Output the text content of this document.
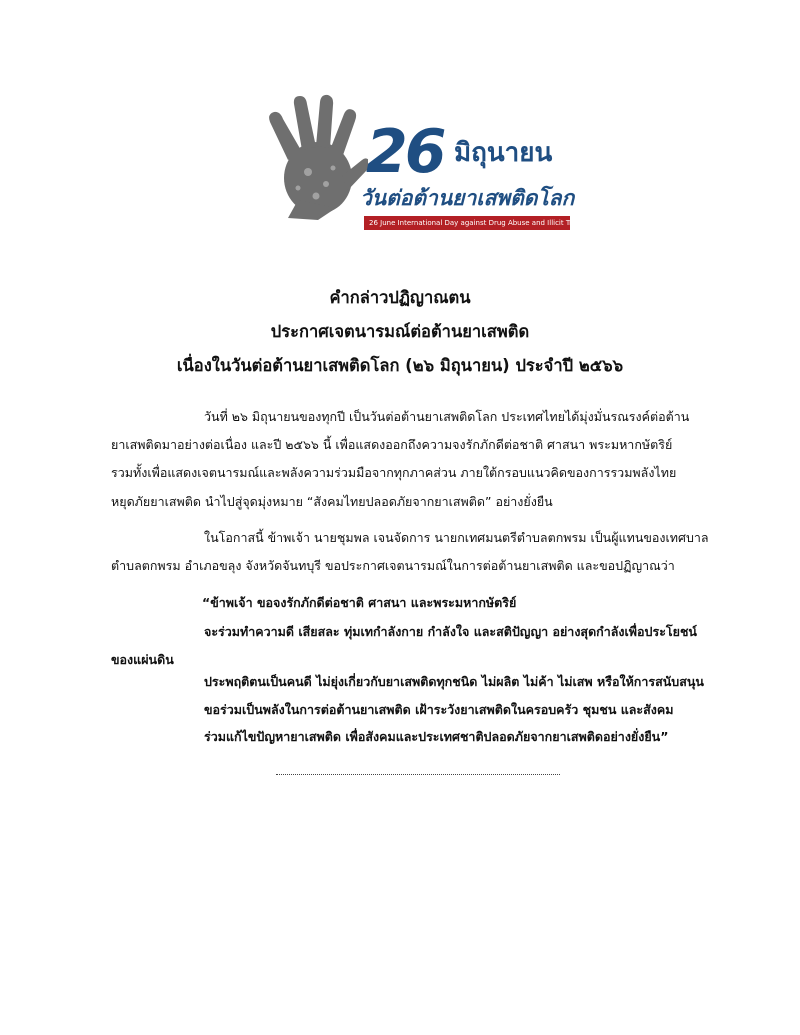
26 มิถุนายน
วันต่อต้านยาเสพติดโลก
26 June International Day against Drug Abuse and Illicit Trafficking
คำกล่าวปฏิญาณตน
ประกาศเจตนารมณ์ต่อต้านยาเสพติด
เนื่องในวันต่อต้านยาเสพติดโลก (๒๖ มิถุนายน) ประจำปี ๒๕๖๖
วันที่ ๒๖ มิถุนายนของทุกปี เป็นวันต่อต้านยาเสพติดโลก ประเทศไทยได้มุ่งมั่นรณรงค์ต่อต้าน
ยาเสพติดมาอย่างต่อเนื่อง และปี ๒๕๖๖ นี้ เพื่อแสดงออกถึงความจงรักภักดีต่อชาติ ศาสนา พระมหากษัตริย์
รวมทั้งเพื่อแสดงเจตนารมณ์และพลังความร่วมมือจากทุกภาคส่วน ภายใต้กรอบแนวคิดของการรวมพลังไทย
หยุดภัยยาเสพติด นำไปสู่จุดมุ่งหมาย “สังคมไทยปลอดภัยจากยาเสพติด” อย่างยั่งยืน
ในโอกาสนี้ ข้าพเจ้า นายชุมพล เจนจัดการ นายกเทศมนตรีตำบลตกพรม เป็นผู้แทนของเทศบาล
ตำบลตกพรม อำเภอขลุง จังหวัดจันทบุรี ขอประกาศเจตนารมณ์ในการต่อต้านยาเสพติด และขอปฏิญาณว่า
“ข้าพเจ้า ขอจงรักภักดีต่อชาติ ศาสนา และพระมหากษัตริย์
จะร่วมทำความดี เสียสละ ทุ่มเทกำลังกาย กำลังใจ และสติปัญญา อย่างสุดกำลังเพื่อประโยชน์
ของแผ่นดิน
ประพฤติตนเป็นคนดี ไม่ยุ่งเกี่ยวกับยาเสพติดทุกชนิด ไม่ผลิต ไม่ค้า ไม่เสพ หรือให้การสนับสนุน
ขอร่วมเป็นพลังในการต่อต้านยาเสพติด เฝ้าระวังยาเสพติดในครอบครัว ชุมชน และสังคม
ร่วมแก้ไขปัญหายาเสพติด เพื่อสังคมและประเทศชาติปลอดภัยจากยาเสพติดอย่างยั่งยืน”
